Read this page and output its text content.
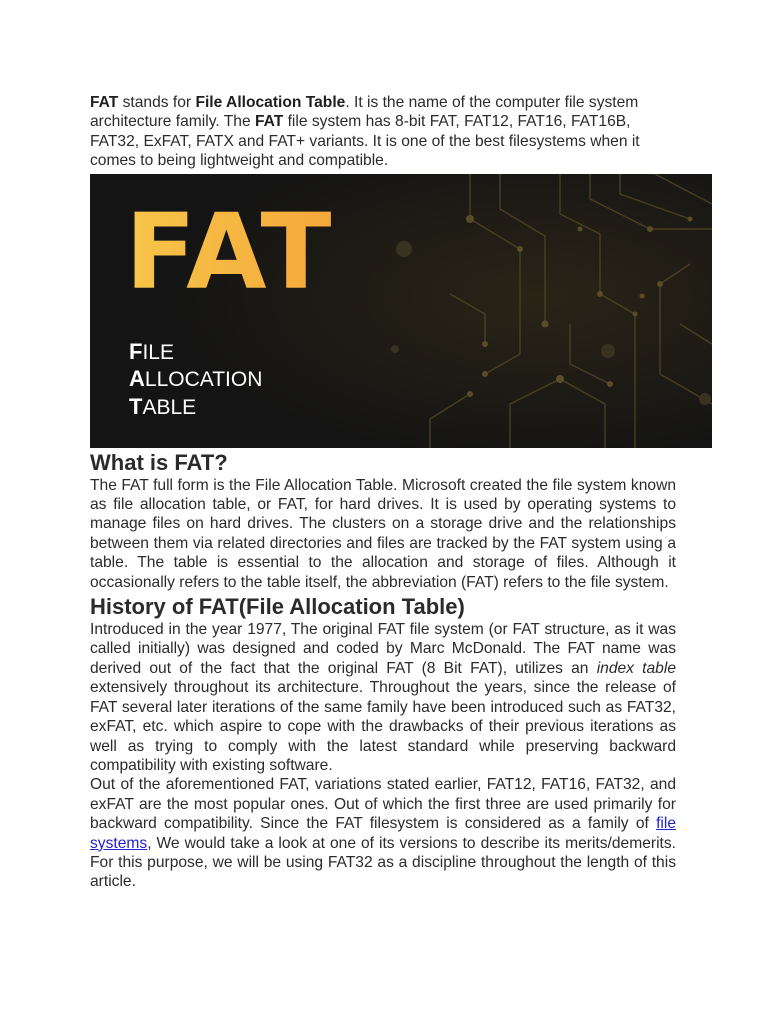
FAT stands for File Allocation Table. It is the name of the computer file system architecture family. The FAT file system has 8-bit FAT, FAT12, FAT16, FAT16B, FAT32, ExFAT, FATX and FAT+ variants. It is one of the best filesystems when it comes to being lightweight and compatible.

FAT
FILE
ALLOCATION
TABLE
What is FAT?

The FAT full form is the File Allocation Table. Microsoft created the file system known as file allocation table, or FAT, for hard drives. It is used by operating systems to manage files on hard drives. The clusters on a storage drive and the relationships between them via related directories and files are tracked by the FAT system using a table. The table is essential to the allocation and storage of files. Although it occasionally refers to the table itself, the abbreviation (FAT) refers to the file system.

History of FAT(File Allocation Table)

Introduced in the year 1977, The original FAT file system (or FAT structure, as it was called initially) was designed and coded by Marc McDonald. The FAT name was derived out of the fact that the original FAT (8 Bit FAT), utilizes an index table extensively throughout its architecture. Throughout the years, since the release of FAT several later iterations of the same family have been introduced such as FAT32, exFAT, etc. which aspire to cope with the drawbacks of their previous iterations as well as trying to comply with the latest standard while preserving backward compatibility with existing software.

Out of the aforementioned FAT, variations stated earlier, FAT12, FAT16, FAT32, and exFAT are the most popular ones. Out of which the first three are used primarily for backward compatibility. Since the FAT filesystem is considered as a family of file systems, We would take a look at one of its versions to describe its merits/demerits. For this purpose, we will be using FAT32 as a discipline throughout the length of this article.
